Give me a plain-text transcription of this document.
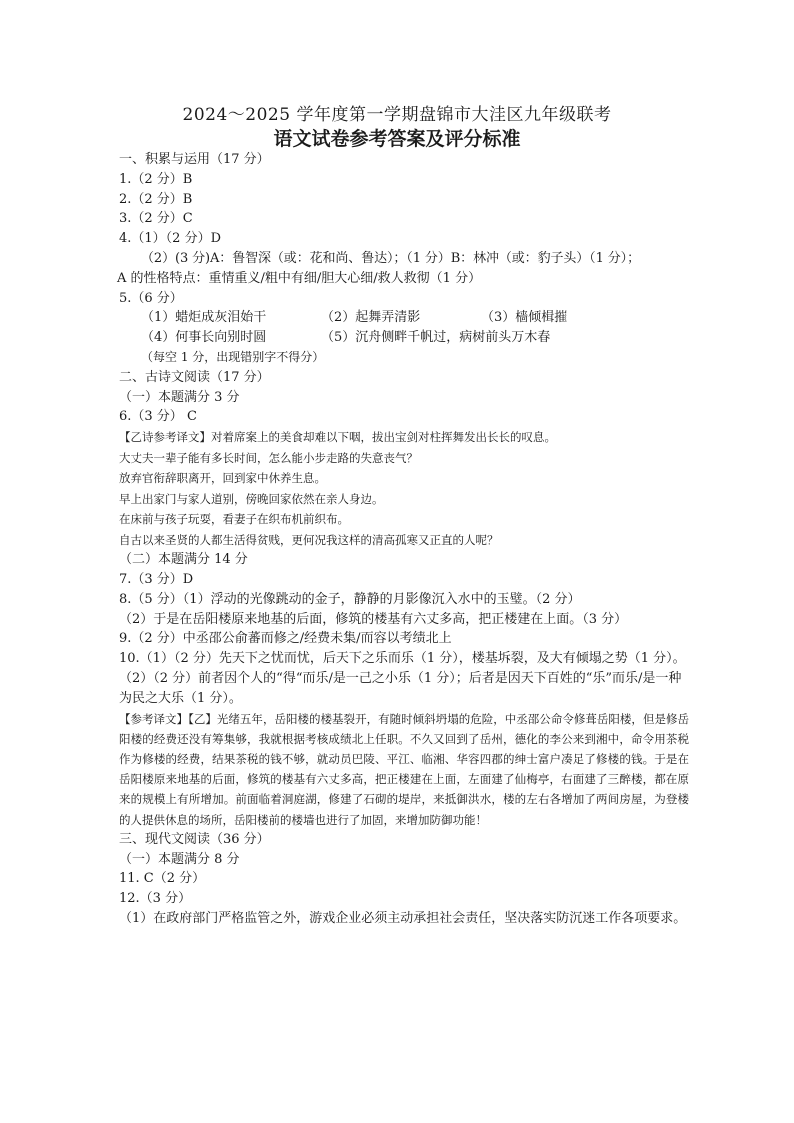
2024～2025 学年度第一学期盘锦市大洼区九年级联考
语文试卷参考答案及评分标准
一、积累与运用（17 分）
1.（2 分）B
2.（2 分）B
3.（2 分）C
4.（1）（2 分）D
（2）(3 分)A：鲁智深（或：花和尚、鲁达）；（1 分）B：林冲（或：豹子头）（1 分）；
A 的性格特点：重情重义/粗中有细/胆大心细/救人救彻（1 分）
5.（6 分）
（1）蜡炬成灰泪始干	（2）起舞弄清影	（3）樯倾楫摧
（4）何事长向别时圆	（5）沉舟侧畔千帆过，病树前头万木春
（每空 1 分，出现错别字不得分）
二、古诗文阅读（17 分）
（一）本题满分 3 分
6.（3 分） C
【乙诗参考译文】对着席案上的美食却难以下咽，拔出宝剑对柱挥舞发出长长的叹息。
大丈夫一辈子能有多长时间，怎么能小步走路的失意丧气？
放弃官衔辞职离开，回到家中休养生息。
早上出家门与家人道别，傍晚回家依然在亲人身边。
在床前与孩子玩耍，看妻子在织布机前织布。
自古以来圣贤的人都生活得贫贱，更何况我这样的清高孤寒又正直的人呢？
（二）本题满分 14 分
7.（3 分）D
8.（5 分）（1）浮动的光像跳动的金子，静静的月影像沉入水中的玉璧。（2 分）
（2）于是在岳阳楼原来地基的后面，修筑的楼基有六丈多高，把正楼建在上面。（3 分）
9.（2 分）中丞邵公俞蕃而修之/经费未集/而容以考绩北上
10.（1）（2 分）先天下之忧而忧，后天下之乐而乐（1 分），楼基坼裂，及大有倾塌之势（1 分）。
（2）（2 分）前者因个人的“得“而乐/是一己之小乐（1 分）；后者是因天下百姓的“乐”而乐/是一种为民之大乐（1 分）。
【参考译文】【乙】光绪五年，岳阳楼的楼基裂开，有随时倾斜坍塌的危险，中丞邵公命令修葺岳阳楼，但是修岳阳楼的经费还没有筹集够，我就根据考核成绩北上任职。不久又回到了岳州，德化的李公来到湘中，命令用茶税作为修楼的经费，结果茶税的钱不够，就动员巴陵、平江、临湘、华容四郡的绅士富户凑足了修楼的钱。于是在岳阳楼原来地基的后面，修筑的楼基有六丈多高，把正楼建在上面，左面建了仙梅亭，右面建了三醉楼，都在原来的规模上有所增加。前面临着洞庭湖，修建了石砌的堤岸，来抵御洪水，楼的左右各增加了两间房屋，为登楼的人提供休息的场所，岳阳楼前的楼墙也进行了加固，来增加防御功能！
三、现代文阅读（36 分）
（一）本题满分 8 分
11. C（2 分）
12.（3 分）
（1）在政府部门严格监管之外，游戏企业必须主动承担社会责任，坚决落实防沉迷工作各项要求。
